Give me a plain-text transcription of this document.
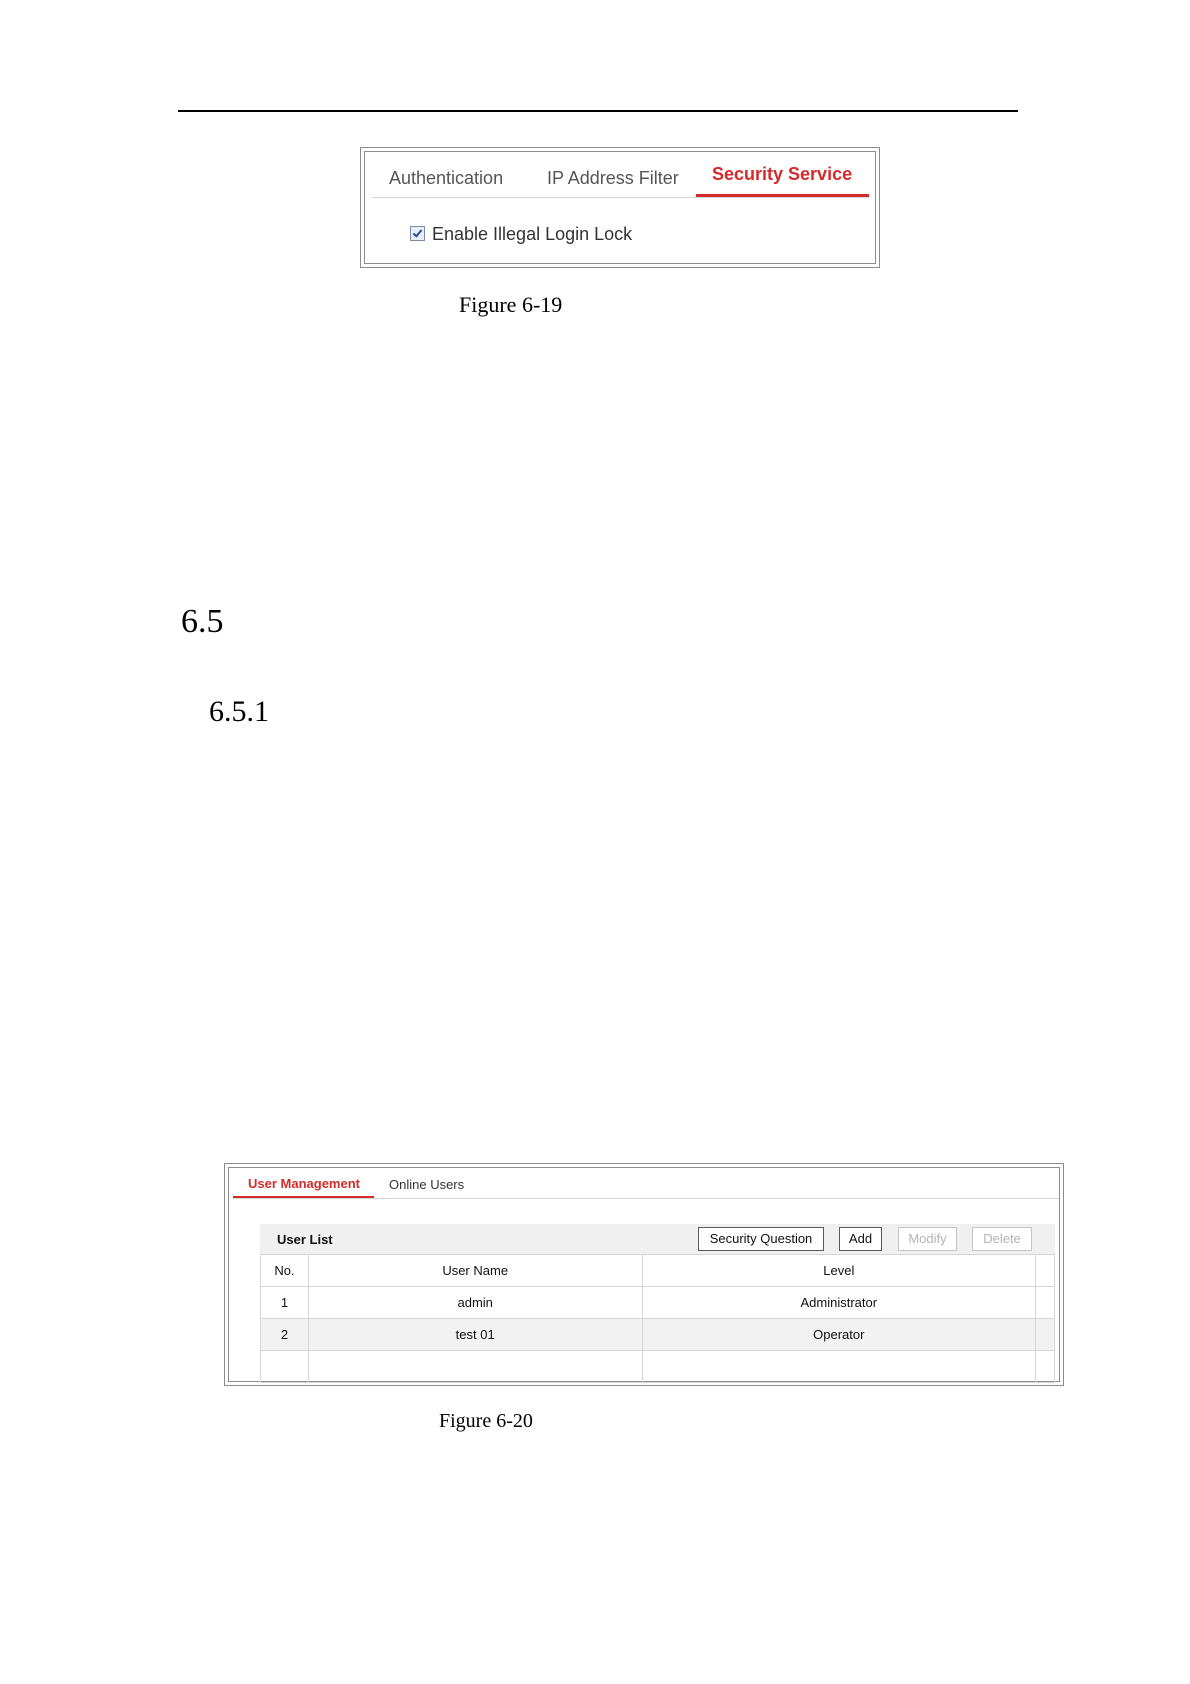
Authentication IP Address Filter Security Service
Enable Illegal Login Lock
Figure 6-19
6.5
6.5.1
User Management Online Users
User List	Security Question	Add	Modify	Delete
No.	User Name	Level	
1	admin	Administrator	
2	test 01	Operator	

Figure 6-20
